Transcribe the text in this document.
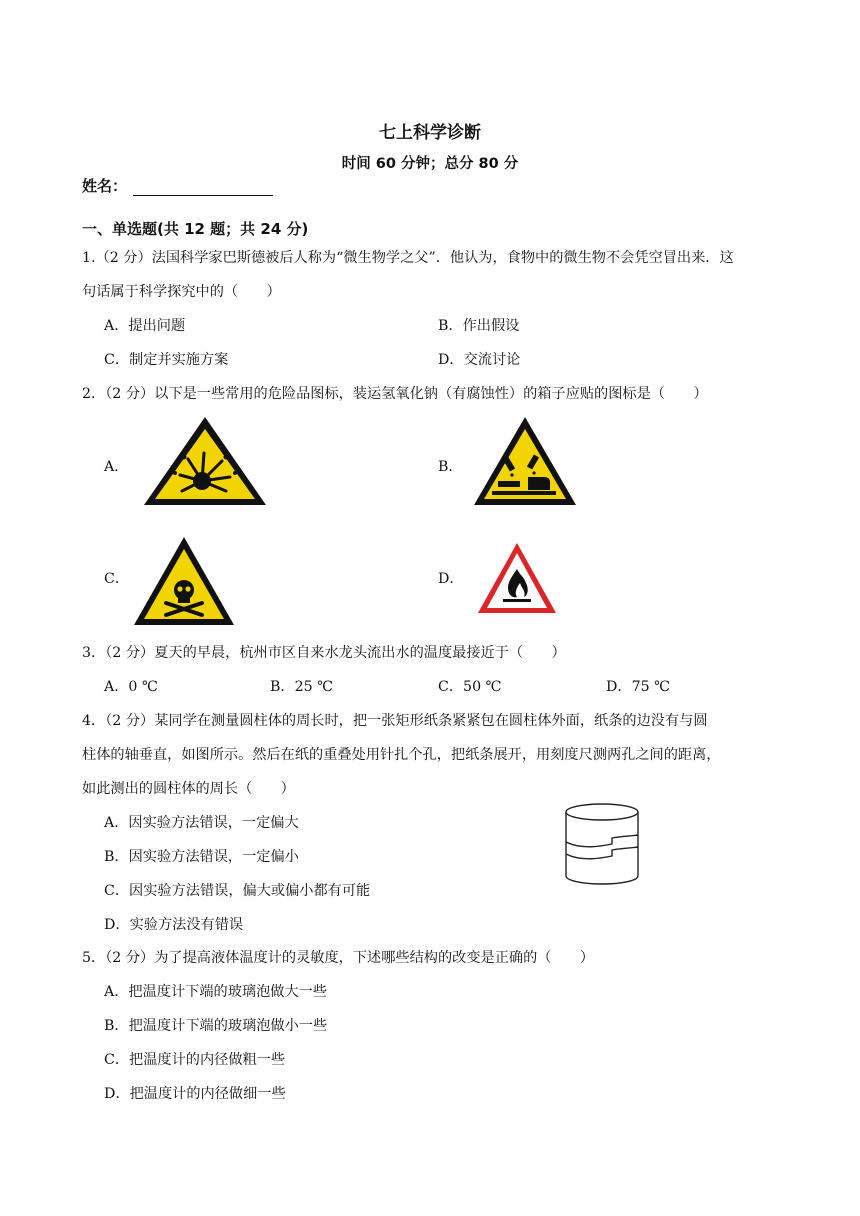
七上科学诊断
时间 60 分钟；总分 80 分
姓名：
一、单选题(共 12 题；共 24 分)
1.（2 分）法国科学家巴斯德被后人称为“微生物学之父”．他认为，食物中的微生物不会凭空冒出来．这
句话属于科学探究中的（　　）
A．提出问题	B．作出假设
C．制定并实施方案	D．交流讨论
2．（2 分）以下是一些常用的危险品图标，装运氢氧化钠（有腐蚀性）的箱子应贴的图标是（　　）
A．	B．
C．	D．
3．（2 分）夏天的早晨，杭州市区自来水龙头流出水的温度最接近于（　　）
A．0 ℃	B．25 ℃	C．50 ℃	D．75 ℃
4．（2 分）某同学在测量圆柱体的周长时，把一张矩形纸条紧紧包在圆柱体外面，纸条的边没有与圆
柱体的轴垂直，如图所示。然后在纸的重叠处用针扎个孔，把纸条展开，用刻度尺测两孔之间的距离，
如此测出的圆柱体的周长（　　）
A．因实验方法错误，一定偏大
B．因实验方法错误，一定偏小
C．因实验方法错误，偏大或偏小都有可能
D．实验方法没有错误
5．（2 分）为了提高液体温度计的灵敏度，下述哪些结构的改变是正确的（　　）
A．把温度计下端的玻璃泡做大一些
B．把温度计下端的玻璃泡做小一些
C．把温度计的内径做粗一些
D．把温度计的内径做细一些
